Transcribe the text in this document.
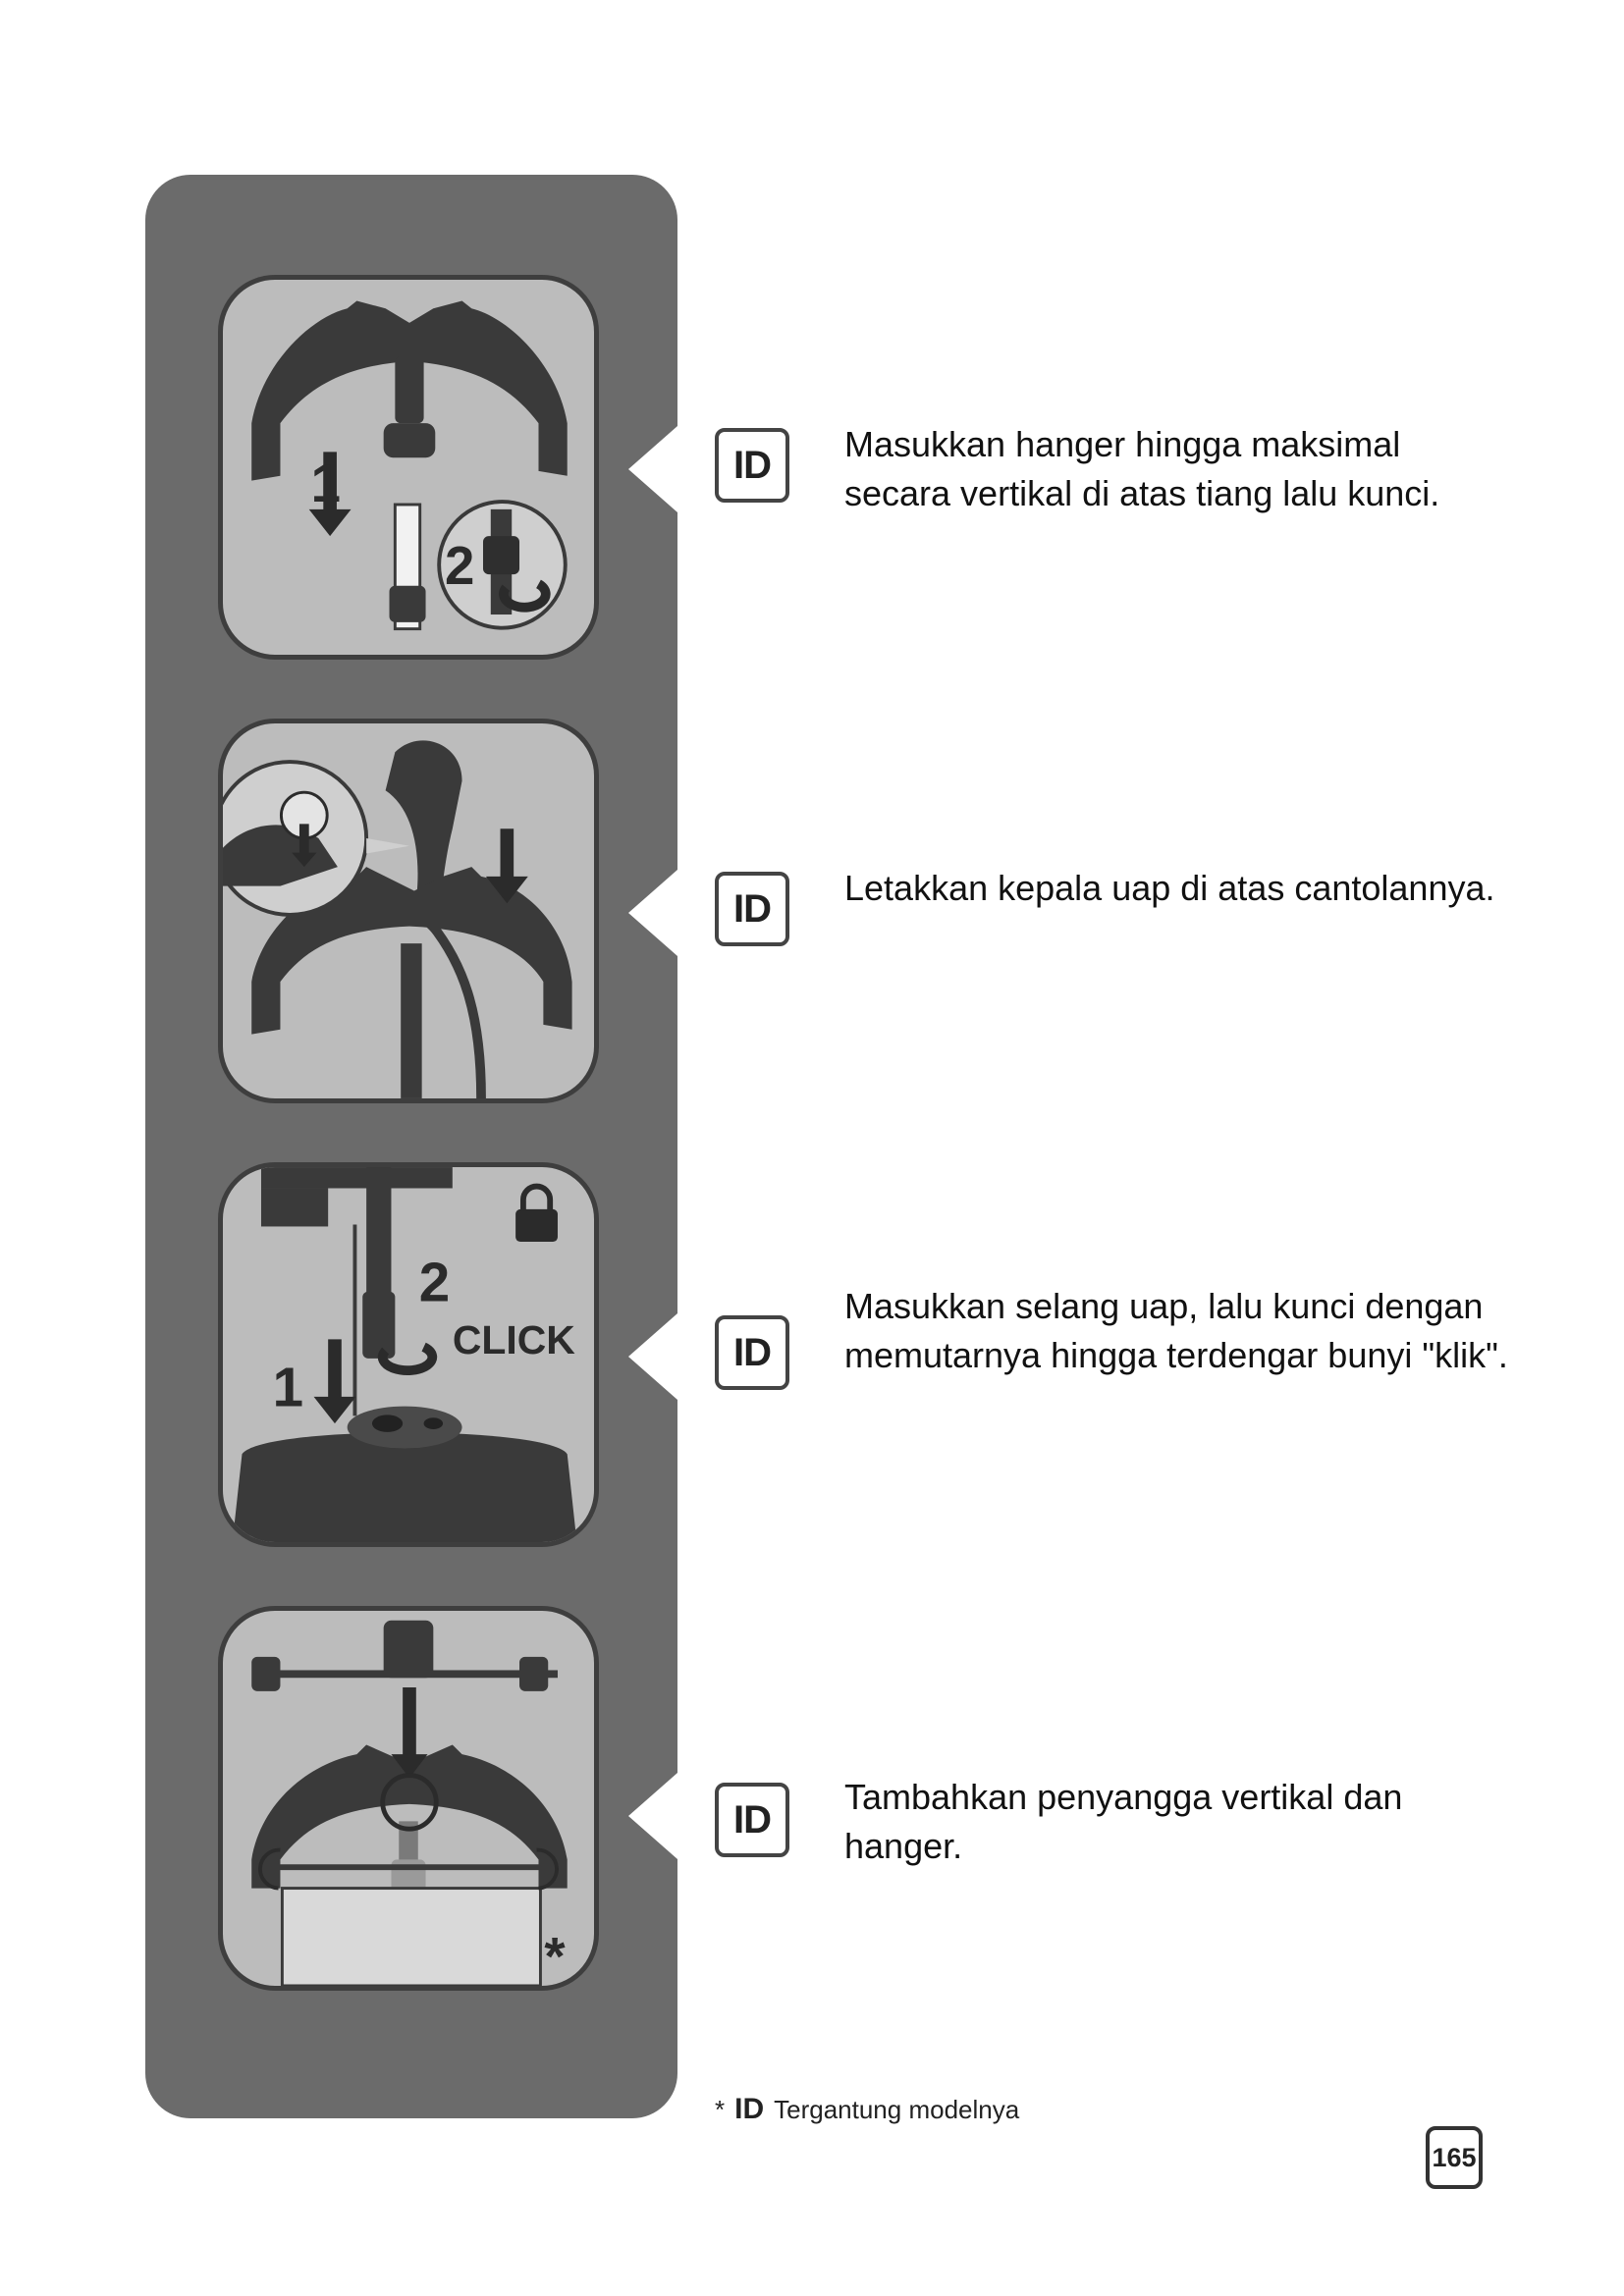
1
2
1
2
CLICK
*
ID	Masukkan hanger hingga maksimal secara vertikal di atas tiang lalu kunci.
ID	Letakkan kepala uap di atas cantolannya.
ID
Masukkan selang uap, lalu kunci dengan memutarnya hingga terdengar bunyi "klik".
ID
Tambahkan penyangga vertikal dan hanger.
* ID Tergantung modelnya
165
